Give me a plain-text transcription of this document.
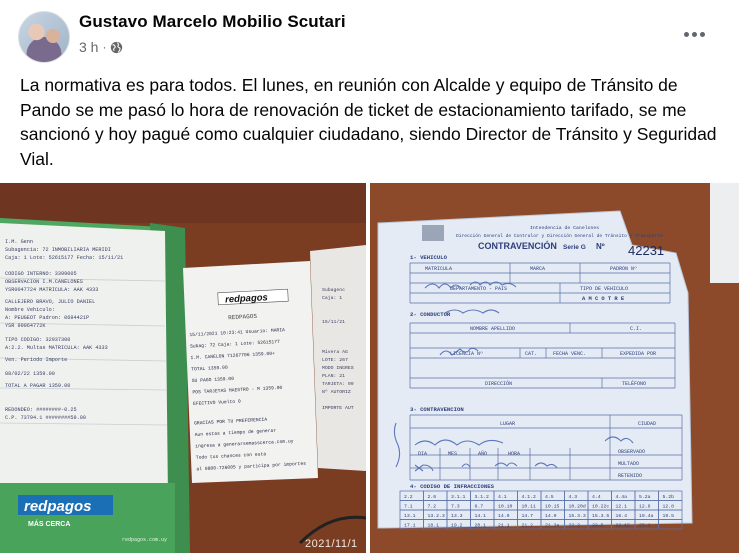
Gustavo Marcelo Mobilio Scutari
3 h ·
La normativa es para todos. El lunes, en reunión con Alcalde y equipo de Tránsito de Pando se me pasó lo hora de renovación de ticket de estacionamiento tarifado, se me sancionó y hoy pagué como cualquier ciudadano, siendo Director de Tránsito y Seguridad Vial.
I.M. Genn
Subagencia: 72 INMOBILIARIA MERIDI
Caja: 1 Lote: 52615177 Fecha: 15/11/21
CODIGO INTERNO: 3399005
OBSERVACION I.M.CANELONES
YSR0047724 MATRICULA: AAK 4333
CALLEJERO BRAVO, JULIO DANIEL
Nombre Vehiculo:
A: PEUGEOT Padron: 0694421P
YSR 99064772K
TIPO CODIGO: 32937300
A:2.2. Multas MATRICULA: AAK 4333
Ven. Periodo Importe
08/02/22 1359.00
TOTAL A PAGAR 1359.00
REDONDEO: ########-0.25
C.P. 73794.1 ########59.00
redpagos
MÁS CERCA
redpagos.com.uy
Subagenc
Caja: 1
15/11/21
Mivera AG
LOTE: 267
MODO INGRES
PLAN: 21
TARJETA: 99
Nº AUTORIZ
IMPORTE AUT
redpagos
REDPAGOS
15/11/2021 10:23:41 Usuario: MARIA
Subag: 72 Caja: 1 Lote: 52615177
I.M. CANELON 71267706 1359.00+
TOTAL 1359.00
SU PAGO 1359.00
POS TARJETAS MAESTRO - M 1359.00
EFECTIVO Vuelto 0
GRACIAS POR TU PREFERENCIA
Aun estas a tiempo de generar
ingresa a generarsemasscerca.com.uy
Todo tus chances con esta
al 0800-726005 y participa por importes
2021/11/1
Intendencia de Canelones
Dirección General de Contralor y Dirección General de Tránsito y Transporte
CONTRAVENCIÓN Serie G Nº 42231
1- VEHICULO
MATRICULA	MARCA	PADRON Nº
DEPARTAMENTO - PAIS	TIPO DE VEHICULO
A M C O T R E
2- CONDUCTOR
NOMBRE APELLIDO	C.I.
LICENCIA Nº	CAT.	FECHA VENC.	EXPEDIDA POR
DIRECCIÓN	TELÉFONO
3- CONTRAVENCION
LUGAR	CIUDAD
DIA	MES	AÑO	HORA	OBSERVADO
MULTADO
RETENIDO
4- CODIGO DE INFRACCIONES
2.2	2.6	3.1.1 3.1.2 4.1	4.1.2 4.5	4.3	4.4	4.4a 5.2a 5.2b
7.1	7.2	7.3	8.7	10.10 10.11 10.15 10.20d 10.22c 12.1 12.6 12.8
13.1 13.2.3 13.3 14.1 14.9 14.7 14.9 15.3.3 15.3.5 16.4 19.4a 19.5
17.1 18.1 19.2 20.1 21.1 21.2 21.3a 22.2 22.5 22.15 25.1
